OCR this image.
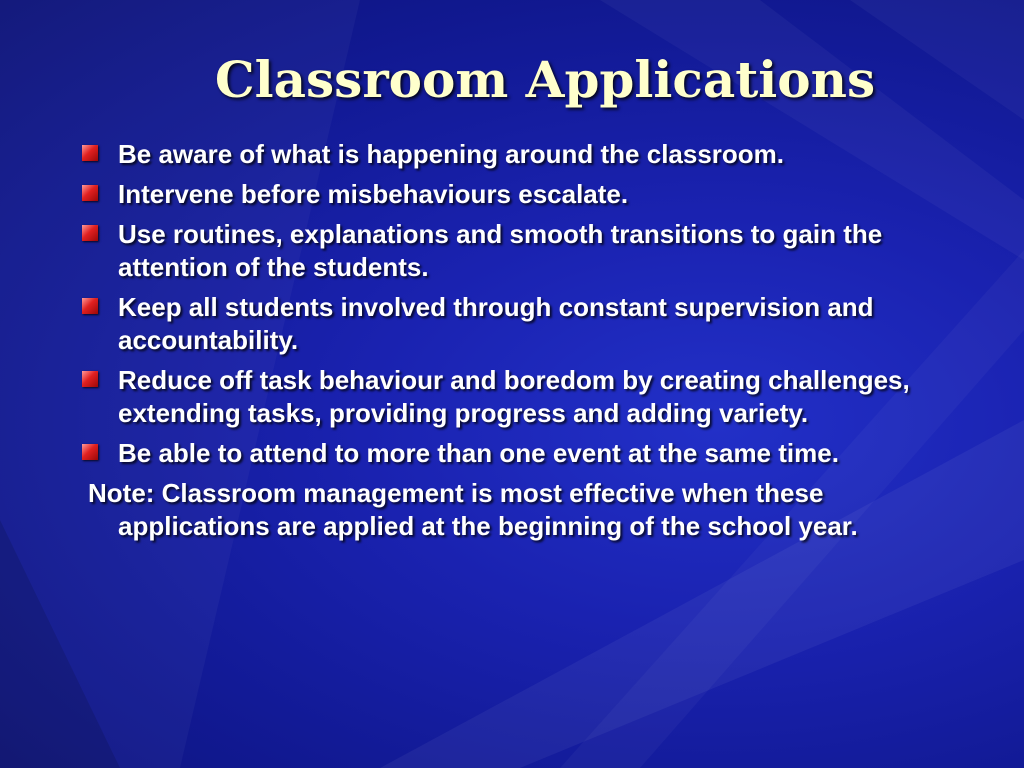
Classroom Applications
Be aware of what is happening around the classroom.
Intervene before misbehaviours escalate.
Use routines, explanations and smooth transitions to gain the attention of the students.
Keep all students involved through constant supervision and accountability.
Reduce off task behaviour and boredom by creating challenges, extending tasks, providing progress and adding variety.
Be able to attend to more than one event at the same time.
Note: Classroom management is most effective when these applications are applied at the beginning of the school year.
